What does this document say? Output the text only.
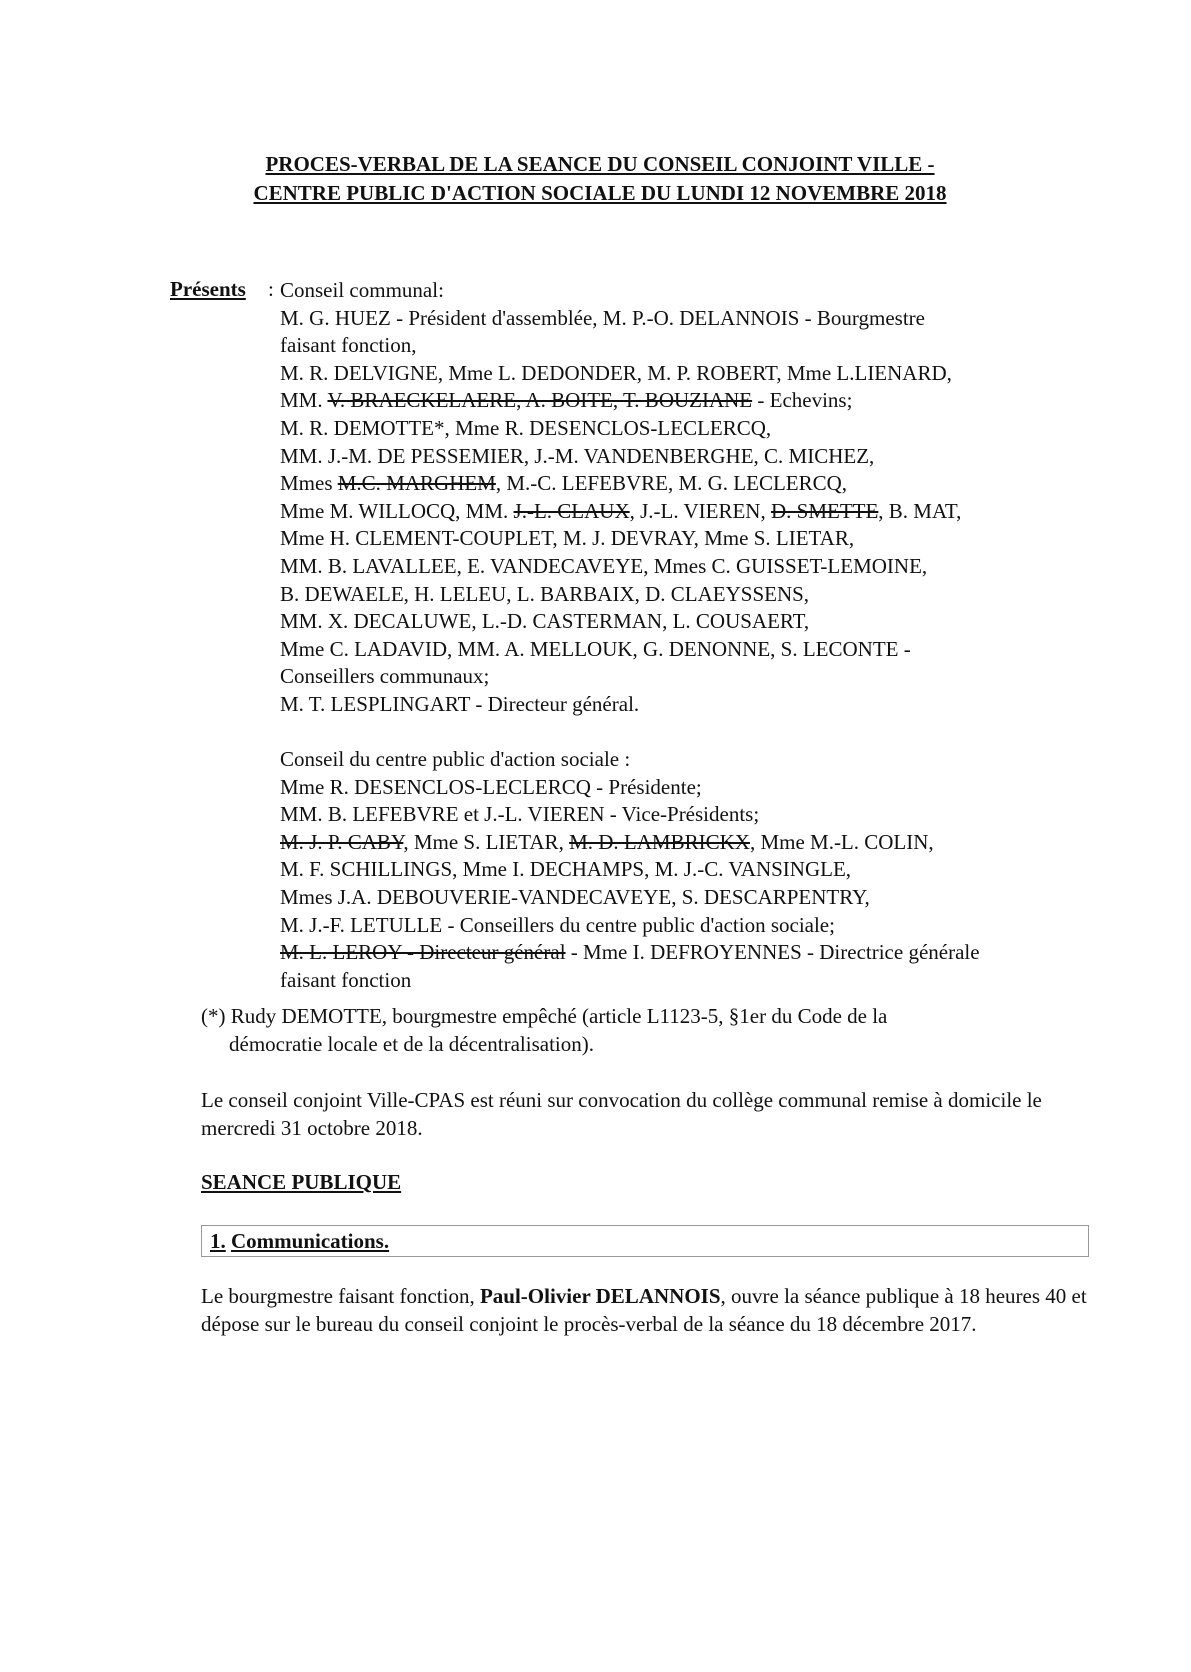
PROCES-VERBAL DE LA SEANCE DU CONSEIL CONJOINT VILLE -
CENTRE PUBLIC D'ACTION SOCIALE DU LUNDI 12 NOVEMBRE 2018
Présents : Conseil communal:
M. G. HUEZ - Président d'assemblée, M. P.-O. DELANNOIS - Bourgmestre
faisant fonction,
M. R. DELVIGNE, Mme L. DEDONDER, M. P. ROBERT, Mme L.LIENARD,
MM. V. BRAECKELAERE, A. BOITE, T. BOUZIANE - Echevins;
M. R. DEMOTTE*, Mme R. DESENCLOS-LECLERCQ,
MM. J.-M. DE PESSEMIER, J.-M. VANDENBERGHE, C. MICHEZ,
Mmes M.C. MARGHEM, M.-C. LEFEBVRE, M. G. LECLERCQ,
Mme M. WILLOCQ, MM. J.-L. CLAUX, J.-L. VIEREN, D. SMETTE, B. MAT,
Mme H. CLEMENT-COUPLET, M. J. DEVRAY, Mme S. LIETAR,
MM. B. LAVALLEE, E. VANDECAVEYE, Mmes C. GUISSET-LEMOINE,
B. DEWAELE, H. LELEU, L. BARBAIX, D. CLAEYSSENS,
MM. X. DECALUWE, L.-D. CASTERMAN, L. COUSAERT,
Mme C. LADAVID, MM. A. MELLOUK, G. DENONNE, S. LECONTE -
Conseillers communaux;
M. T. LESPLINGART - Directeur général.
Conseil du centre public d'action sociale :
Mme R. DESENCLOS-LECLERCQ - Présidente;
MM. B. LEFEBVRE et J.-L. VIEREN - Vice-Présidents;
M. J. P. CABY, Mme S. LIETAR, M. D. LAMBRICKX, Mme M.-L. COLIN,
M. F. SCHILLINGS, Mme I. DECHAMPS, M. J.-C. VANSINGLE,
Mmes J.A. DEBOUVERIE-VANDECAVEYE, S. DESCARPENTRY,
M. J.-F. LETULLE - Conseillers du centre public d'action sociale;
M. L. LEROY - Directeur général - Mme I. DEFROYENNES - Directrice générale
faisant fonction
(*) Rudy DEMOTTE, bourgmestre empêché (article L1123-5, §1er du Code de la
démocratie locale et de la décentralisation).
Le conseil conjoint Ville-CPAS est réuni sur convocation du collège communal remise à domicile le mercredi 31 octobre 2018.
SEANCE PUBLIQUE
1. Communications.
Le bourgmestre faisant fonction, Paul-Olivier DELANNOIS, ouvre la séance publique à 18 heures 40 et dépose sur le bureau du conseil conjoint le procès-verbal de la séance du 18 décembre 2017.
